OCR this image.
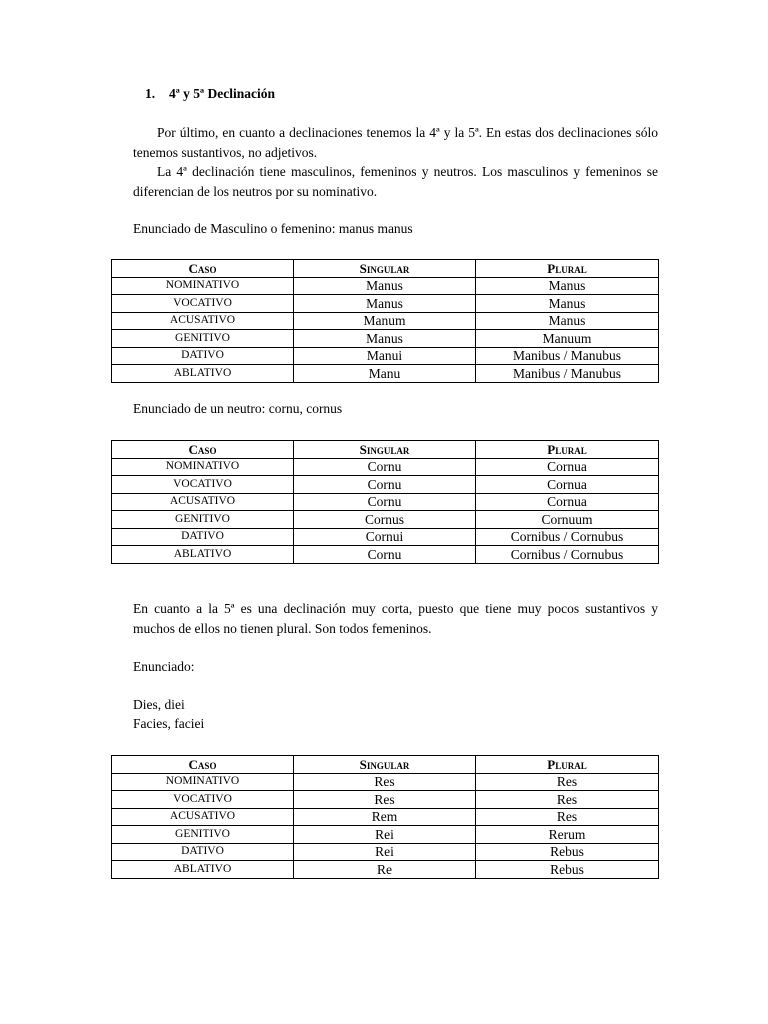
1. 4ª y 5ª Declinación

Por último, en cuanto a declinaciones tenemos la 4ª y la 5ª. En estas dos declinaciones sólo tenemos sustantivos, no adjetivos.

La 4ª declinación tiene masculinos, femeninos y neutros. Los masculinos y femeninos se diferencian de los neutros por su nominativo.

Enunciado de Masculino o femenino: manus manus
Caso	Singular	Plural
NOMINATIVO	Manus	Manus
VOCATIVO	Manus	Manus
ACUSATIVO	Manum	Manus
GENITIVO	Manus	Manuum
DATIVO	Manui	Manibus / Manubus
ABLATIVO	Manu	Manibus / Manubus
Enunciado de un neutro: cornu, cornus
Caso	Singular	Plural
NOMINATIVO	Cornu	Cornua
VOCATIVO	Cornu	Cornua
ACUSATIVO	Cornu	Cornua
GENITIVO	Cornus	Cornuum
DATIVO	Cornui	Cornibus / Cornubus
ABLATIVO	Cornu	Cornibus / Cornubus

En cuanto a la 5ª es una declinación muy corta, puesto que tiene muy pocos sustantivos y muchos de ellos no tienen plural. Son todos femeninos.

Enunciado:
Dies, diei
Facies, faciei
Caso	Singular	Plural
NOMINATIVO	Res	Res
VOCATIVO	Res	Res
ACUSATIVO	Rem	Res
GENITIVO	Rei	Rerum
DATIVO	Rei	Rebus
ABLATIVO	Re	Rebus
